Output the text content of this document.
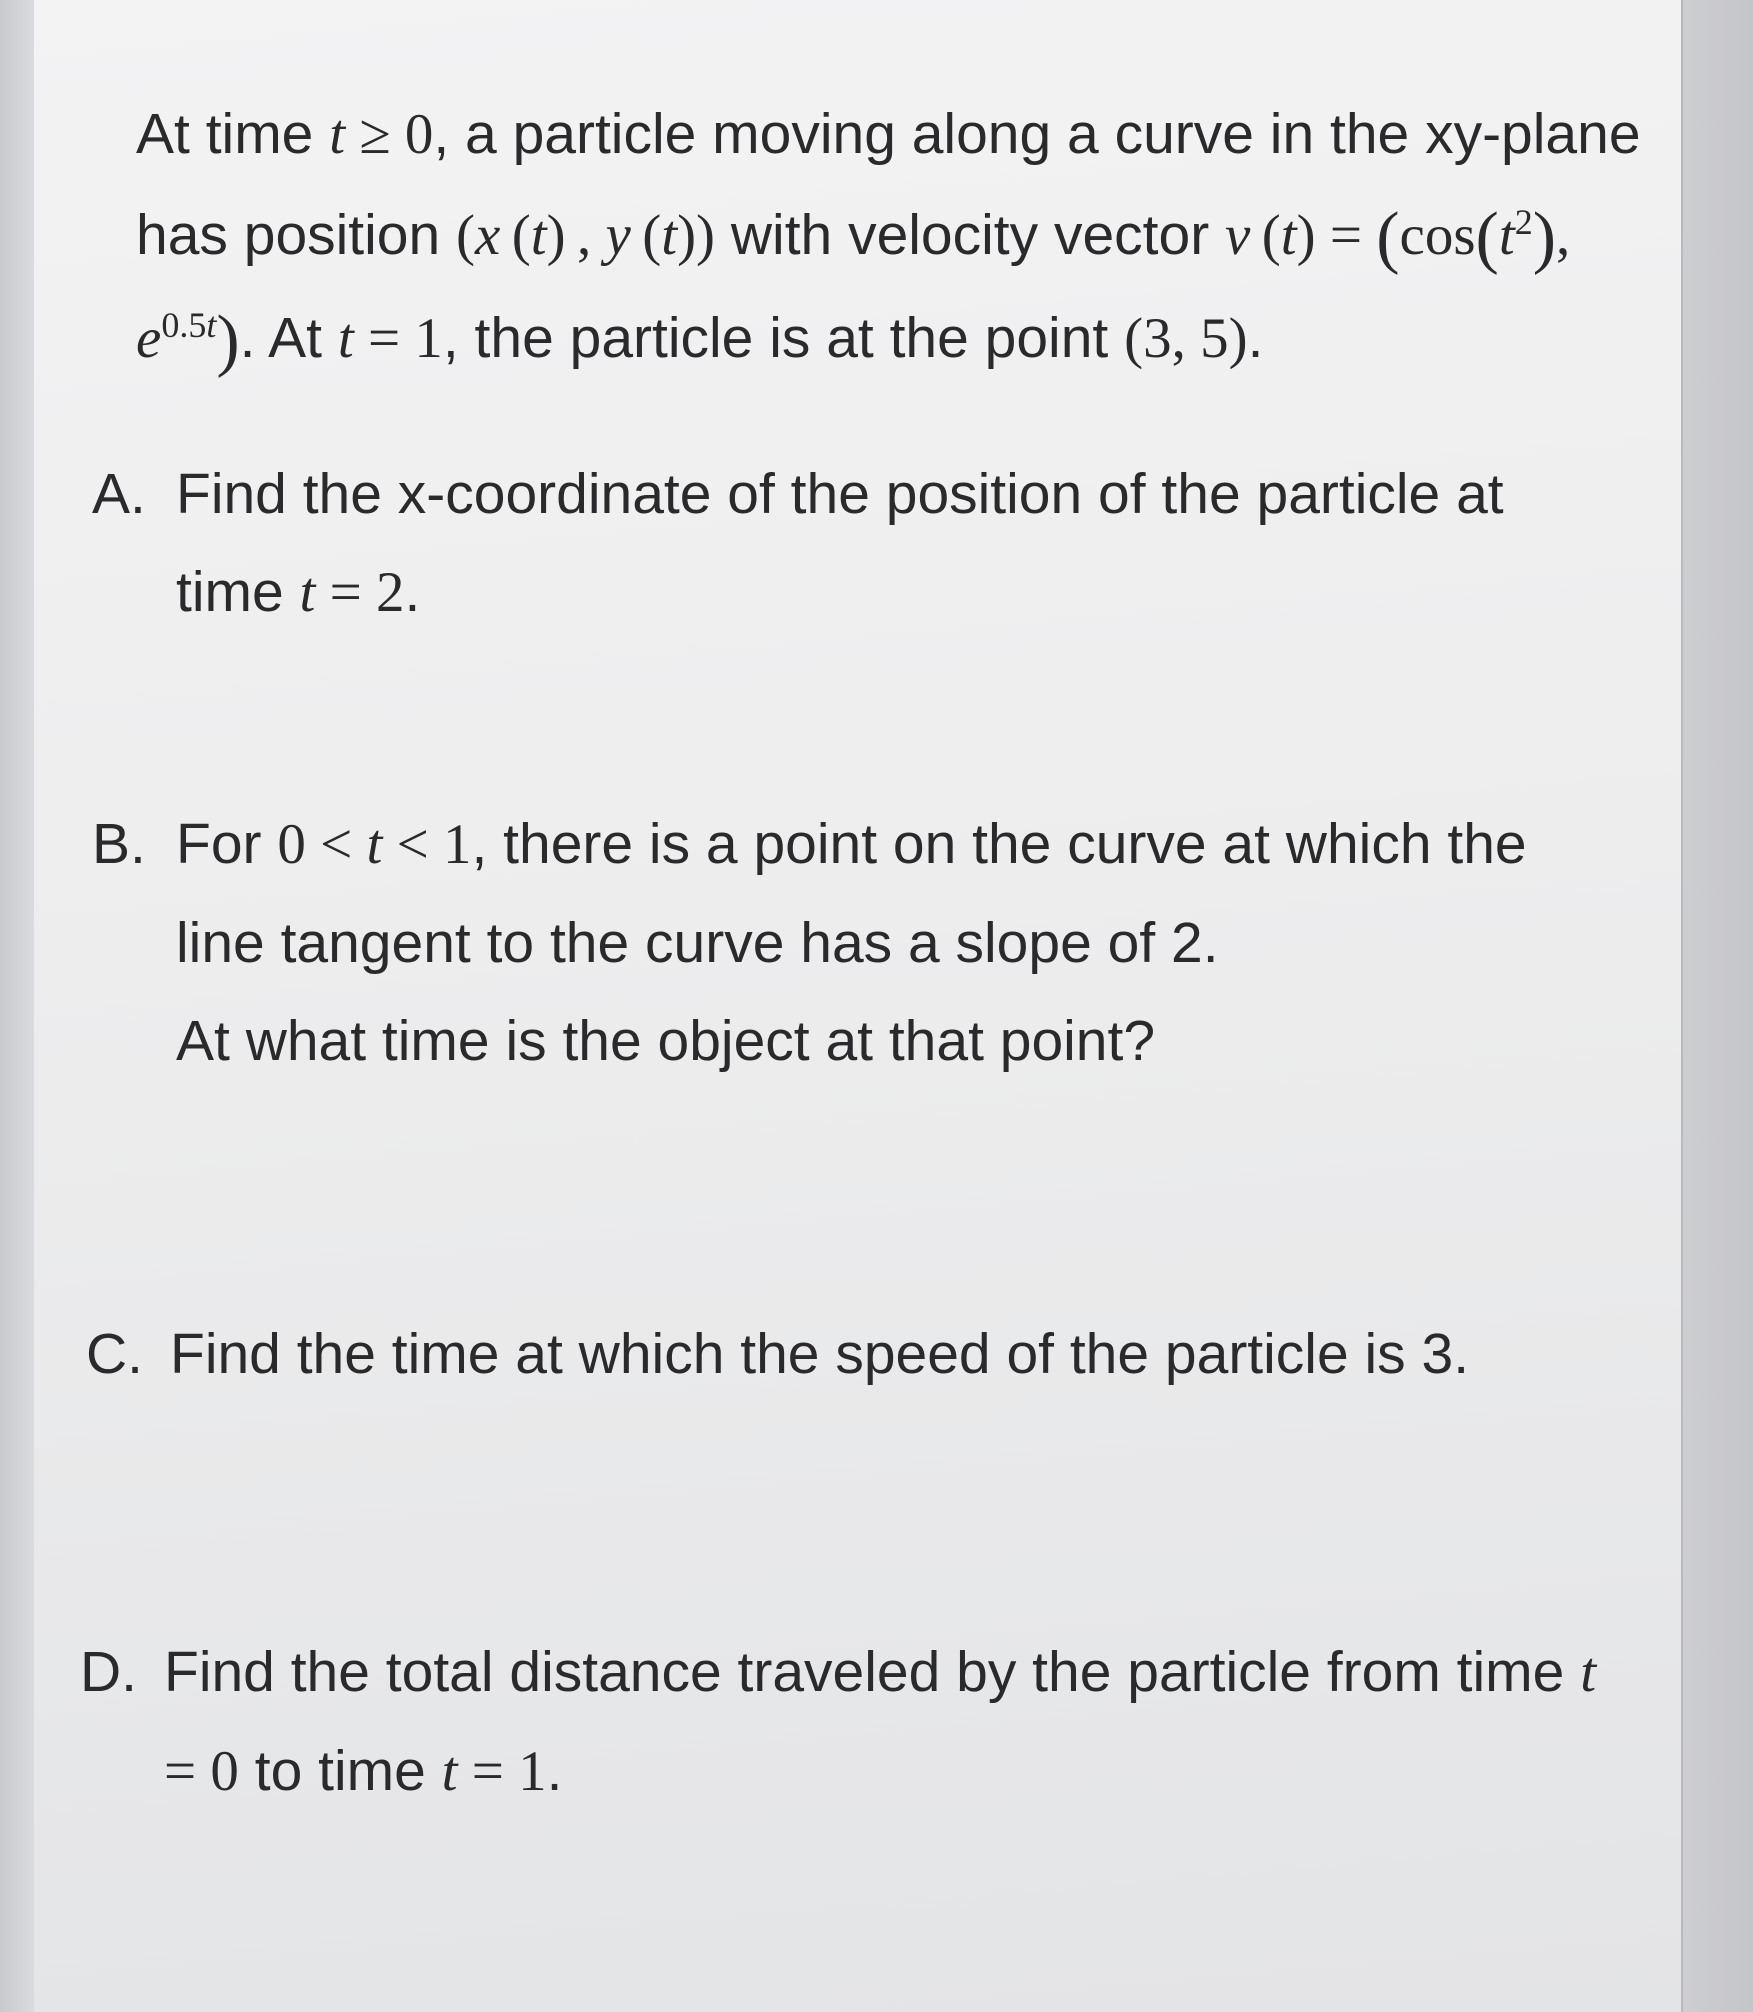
At time t ≥ 0, a particle moving along a curve in the xy-plane has position (x (t) , y (t)) with velocity vector v $(t) = (\cos(t^2)$, $e^{0.5t}$). At t = 1, the particle is at the point (3, 5).

A. Find the x-coordinate of the position of the particle at time t = 2.
B. For 0 < t < 1, there is a point on the curve at which the line tangent to the curve has a slope of 2.
At what time is the object at that point?
C. Find the time at which the speed of the particle is 3.
D. Find the total distance traveled by the particle from time t = 0 to time t = 1.
